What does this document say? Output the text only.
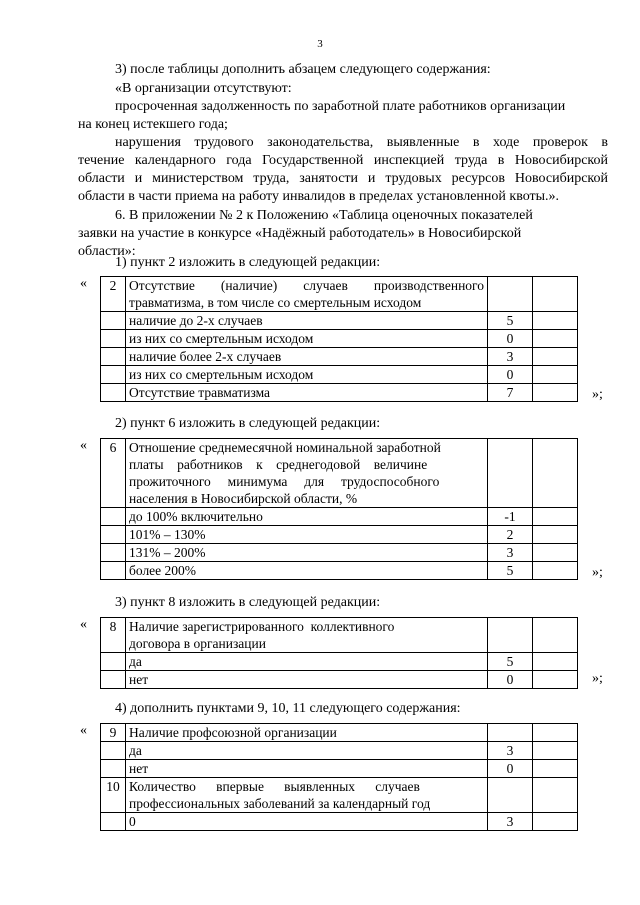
3
3) после таблицы дополнить абзацем следующего содержания:
«В организации отсутствуют:
просроченная задолженность по заработной плате работников организации
на конец истекшего года;
нарушения трудового законодательства, выявленные в ходе проверок в
течение календарного года Государственной инспекцией труда в Новосибирской
области и министерством труда, занятости и трудовых ресурсов Новосибирской
области в части приема на работу инвалидов в пределах установленной квоты.».
6. В приложении № 2 к Положению «Таблица оценочных показателей
заявки на участие в конкурсе «Надёжный работодатель» в Новосибирской
области»:
1) пункт 2 изложить в следующей редакции:
« 2	Отсутствие (наличие) случаев производственного
травматизма, в том числе со смертельным исходом		

	наличие до 2-х случаев	5	
	из них со смертельным исходом	0	
	наличие более 2-х случаев	3	
	из них со смертельным исходом	0	
	Отсутствие травматизма	7		»;
2) пункт 6 изложить в следующей редакции:
« 6	Отношение среднемесячной номинальной заработной
платы    работников    к    среднегодовой    величине
прожиточного     минимума     для     трудоспособного
населения в Новосибирской области, %		

	до 100% включительно	-1	
	101% – 130%	2	
	131% – 200%	3	
	более 200%	5		»;
3) пункт 8 изложить в следующей редакции:
« 8	Наличие зарегистрированного  коллективного
договора в организации		

	да	5	
	нет	0		»;
4) дополнить пунктами 9, 10, 11 следующего содержания:
« 9	Наличие профсоюзной организации		
	да	3	
	нет	0	
10	Количество      впервые      выявленных      случаев
профессиональных заболеваний за календарный год		

	0	3	
